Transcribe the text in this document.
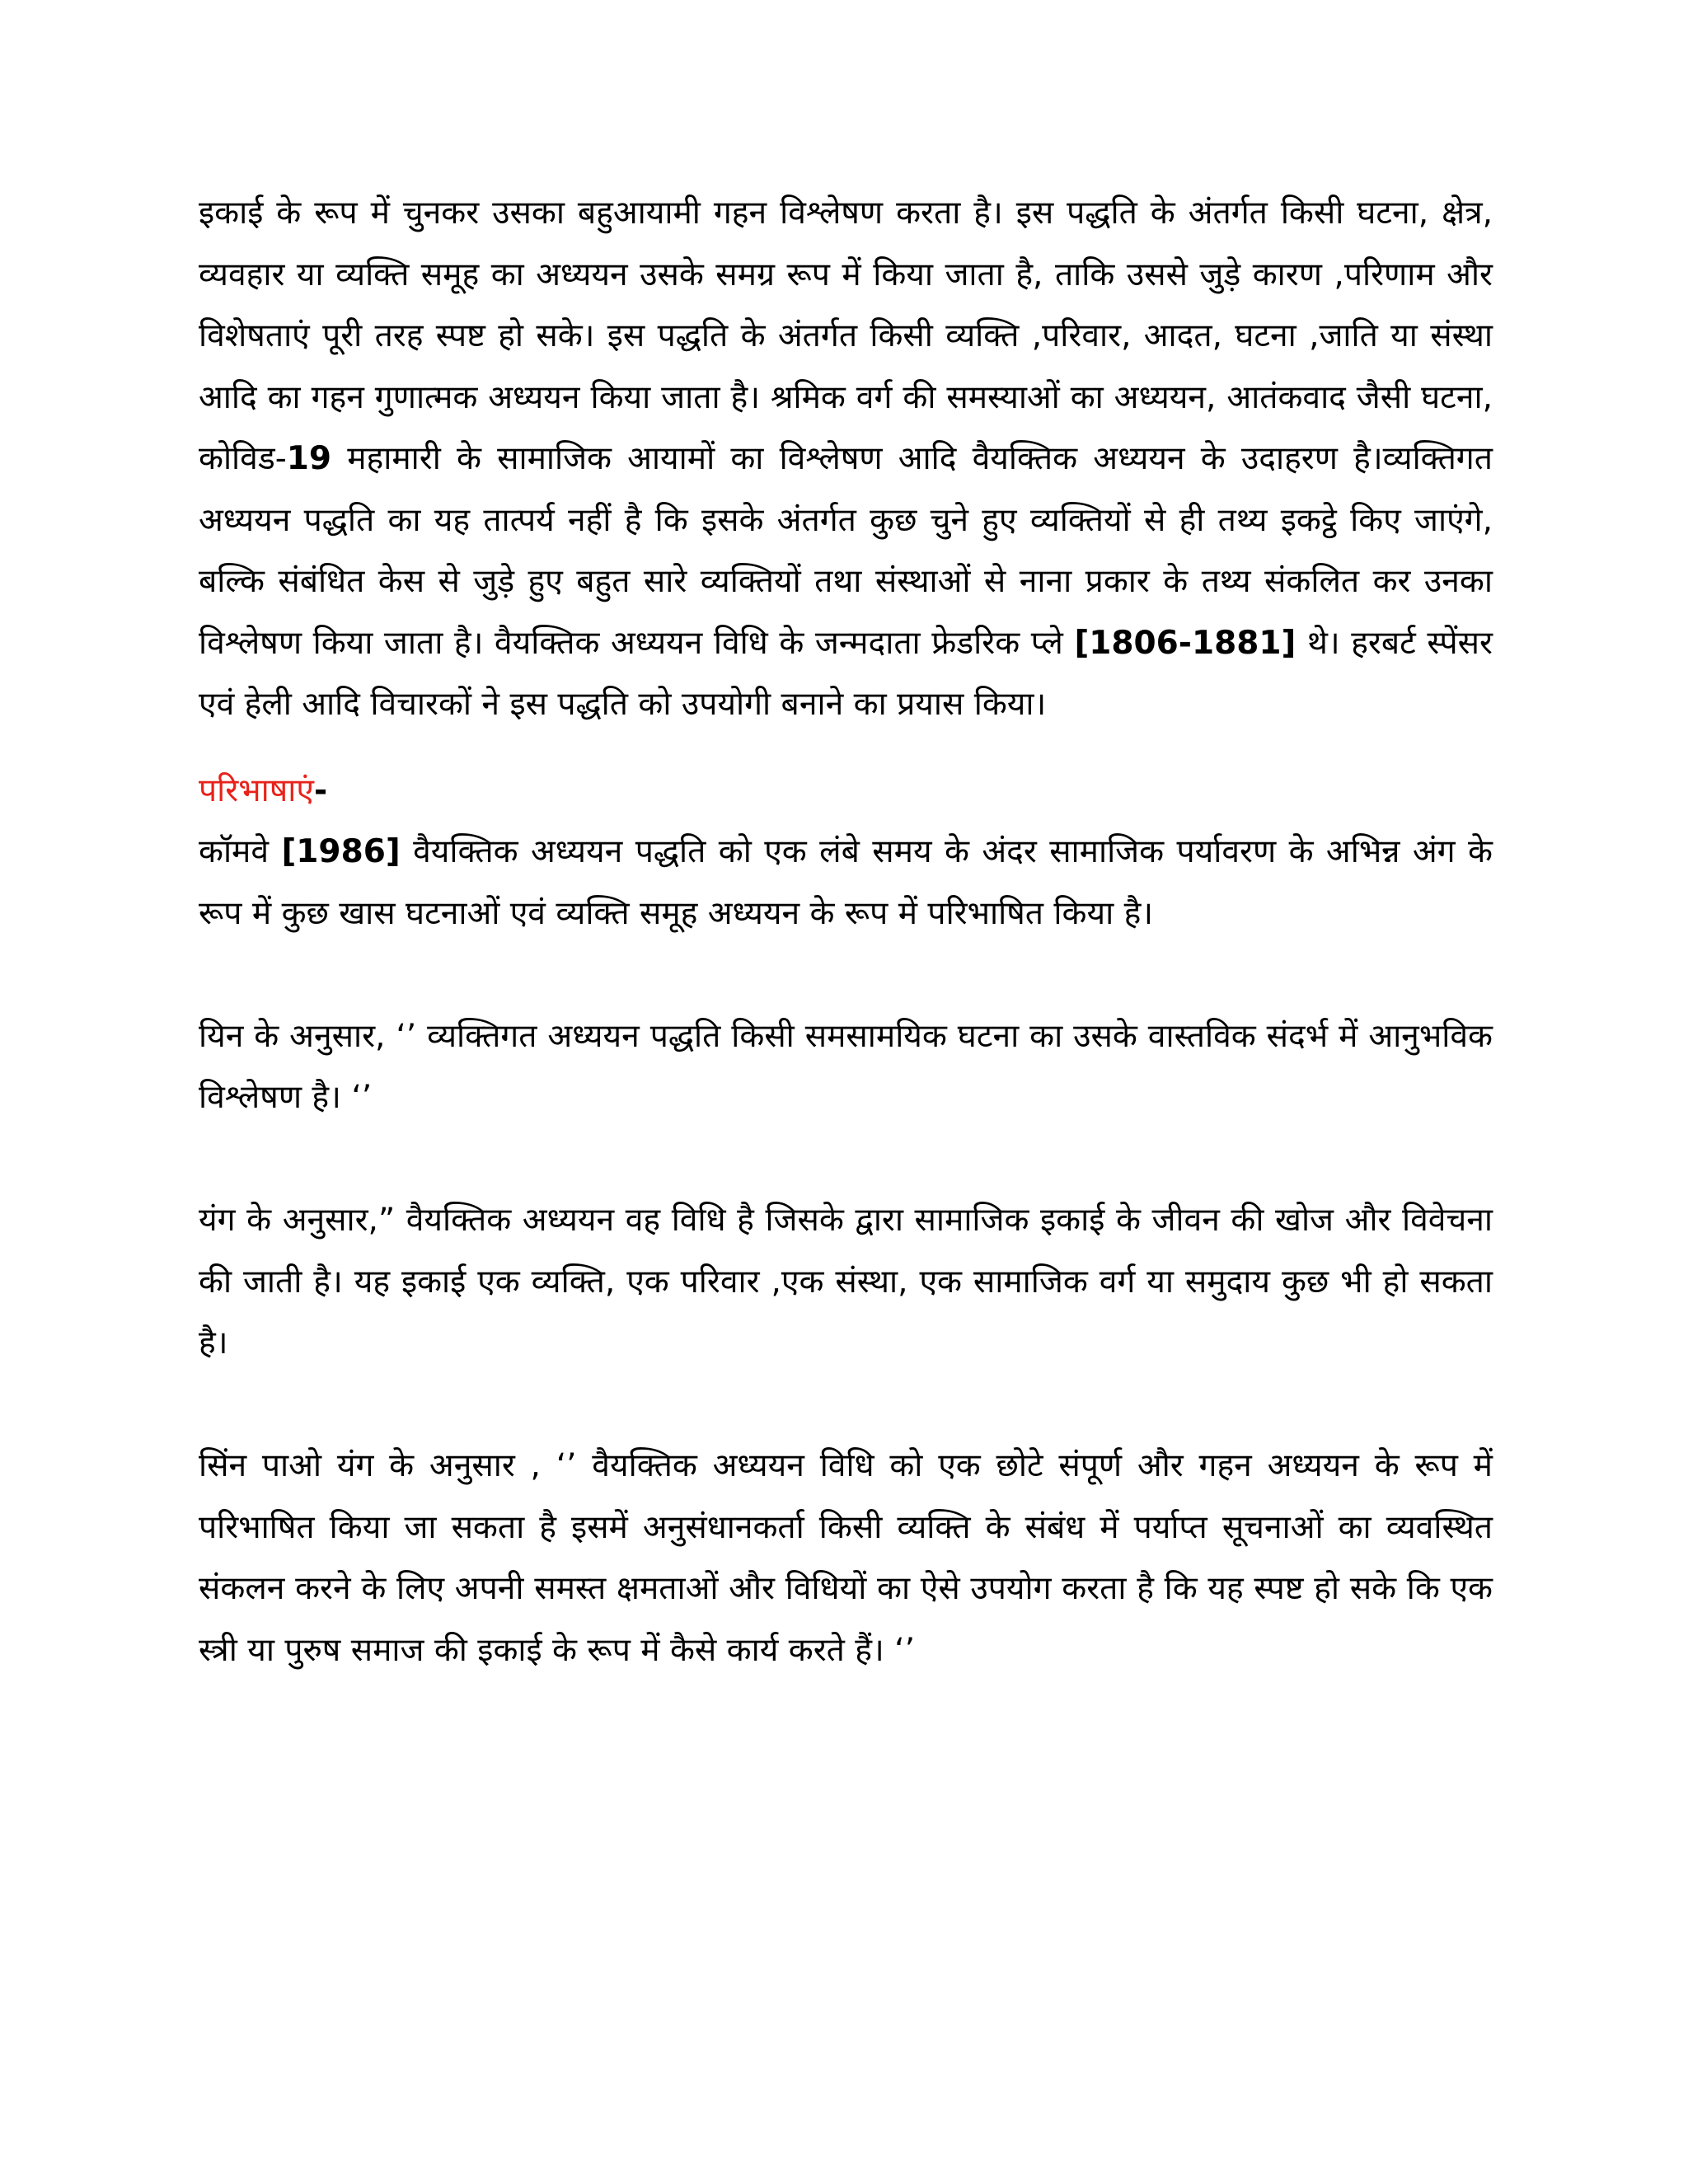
इकाई के रूप में चुनकर उसका बहुआयामी गहन विश्लेषण करता है। इस पद्धति के अंतर्गत किसी घटना, क्षेत्र, व्यवहार या व्यक्ति समूह का अध्ययन उसके समग्र रूप में किया जाता है, ताकि उससे जुड़े कारण ,परिणाम और विशेषताएं पूरी तरह स्पष्ट हो सके। इस पद्धति के अंतर्गत किसी व्यक्ति ,परिवार, आदत, घटना ,जाति या संस्था आदि का गहन गुणात्मक अध्ययन किया जाता है। श्रमिक वर्ग की समस्याओं का अध्ययन, आतंकवाद जैसी घटना, कोविड-19 महामारी के सामाजिक आयामों का विश्लेषण आदि वैयक्तिक अध्ययन के उदाहरण है।व्यक्तिगत अध्ययन पद्धति का यह तात्पर्य नहीं है कि इसके अंतर्गत कुछ चुने हुए व्यक्तियों से ही तथ्य इकट्ठे किए जाएंगे, बल्कि संबंधित केस से जुड़े हुए बहुत सारे व्यक्तियों तथा संस्थाओं से नाना प्रकार के तथ्य संकलित कर उनका विश्लेषण किया जाता है। वैयक्तिक अध्ययन विधि के जन्मदाता फ्रेडरिक प्ले [1806-1881] थे। हरबर्ट स्पेंसर एवं हेली आदि विचारकों ने इस पद्धति को उपयोगी बनाने का प्रयास किया।

परिभाषाएं-

कॉमवे [1986] वैयक्तिक अध्ययन पद्धति को एक लंबे समय के अंदर सामाजिक पर्यावरण के अभिन्न अंग के रूप में कुछ खास घटनाओं एवं व्यक्ति समूह अध्ययन के रूप में परिभाषित किया है।

यिन के अनुसार, ‘’ व्यक्तिगत अध्ययन पद्धति किसी समसामयिक घटना का उसके वास्तविक संदर्भ में आनुभविक विश्लेषण है। ‘’

यंग के अनुसार,” वैयक्तिक अध्ययन वह विधि है जिसके द्वारा सामाजिक इकाई के जीवन की खोज और विवेचना की जाती है। यह इकाई एक व्यक्ति, एक परिवार ,एक संस्था, एक सामाजिक वर्ग या समुदाय कुछ भी हो सकता है।

सिंन पाओ यंग के अनुसार , ‘’ वैयक्तिक अध्ययन विधि को एक छोटे संपूर्ण और गहन अध्ययन के रूप में परिभाषित किया जा सकता है इसमें अनुसंधानकर्ता किसी व्यक्ति के संबंध में पर्याप्त सूचनाओं का व्यवस्थित संकलन करने के लिए अपनी समस्त क्षमताओं और विधियों का ऐसे उपयोग करता है कि यह स्पष्ट हो सके कि एक स्त्री या पुरुष समाज की इकाई के रूप में कैसे कार्य करते हैं। ‘’
